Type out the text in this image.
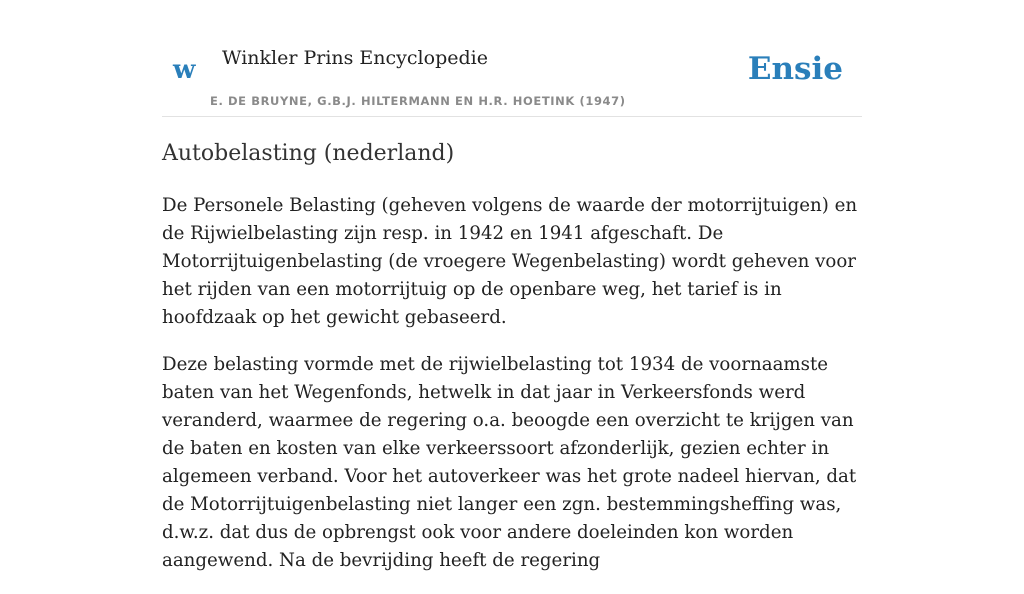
w Winkler Prins Encyclopedie
E. DE BRUYNE, G.B.J. HILTERMANN EN H.R. HOETINK (1947)
Ensie
Autobelasting (nederland)

De Personele Belasting (geheven volgens de waarde der motorrijtuigen) en de Rijwielbelasting zijn resp. in 1942 en 1941 afgeschaft. De Motorrijtuigenbelasting (de vroegere Wegenbelasting) wordt geheven voor het rijden van een motorrijtuig op de openbare weg, het tarief is in hoofdzaak op het gewicht gebaseerd.

Deze belasting vormde met de rijwielbelasting tot 1934 de voornaamste baten van het Wegenfonds, hetwelk in dat jaar in Verkeersfonds werd veranderd, waarmee de regering o.a. beoogde een overzicht te krijgen van de baten en kosten van elke verkeerssoort afzonderlijk, gezien echter in algemeen verband. Voor het autoverkeer was het grote nadeel hiervan, dat de Motorrijtuigenbelasting niet langer een zgn. bestemmingsheffing was, d.w.z. dat dus de opbrengst ook voor andere doeleinden kon worden aangewend. Na de bevrijding heeft de regering
